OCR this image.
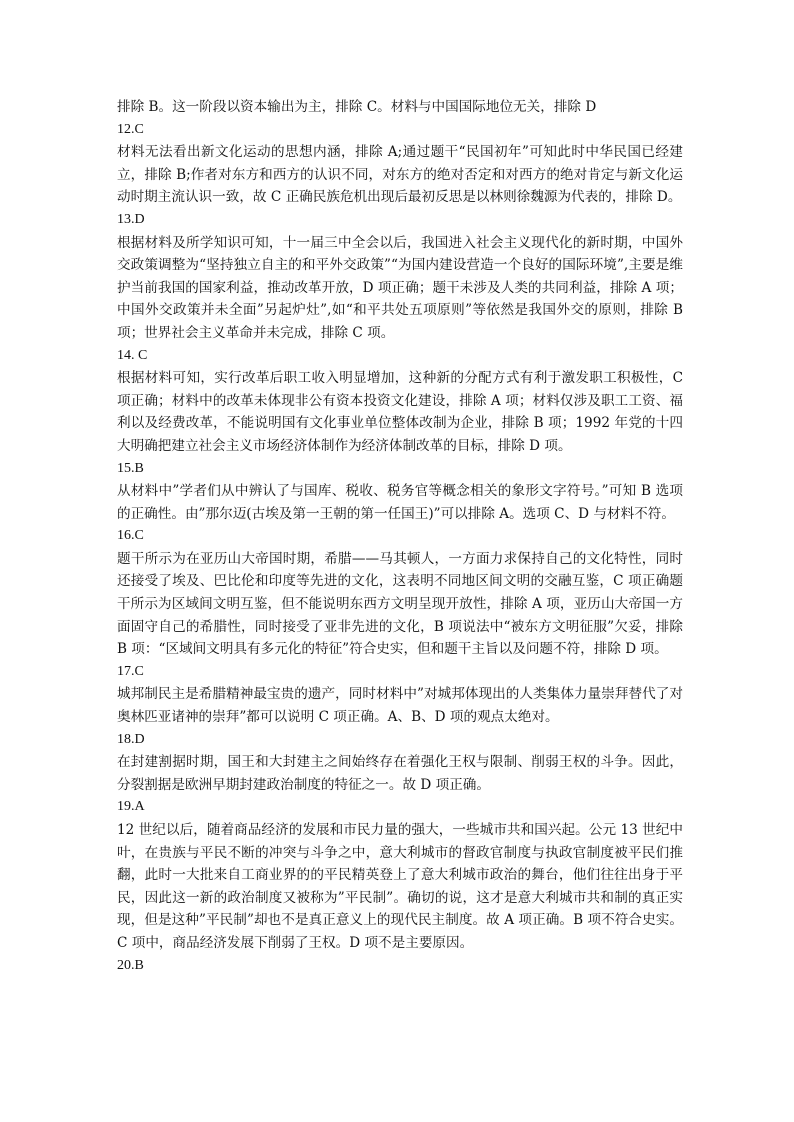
排除 B。这一阶段以资本输出为主，排除 C。材料与中国国际地位无关，排除 D

12.C

材料无法看出新文化运动的思想内涵，排除 A;通过题干“民国初年”可知此时中华民国已经建立，排除 B;作者对东方和西方的认识不同，对东方的绝对否定和对西方的绝对肯定与新文化运动时期主流认识一致，故 C 正确民族危机出现后最初反思是以林则徐魏源为代表的，排除 D。

13.D

根据材料及所学知识可知，十一届三中全会以后，我国进入社会主义现代化的新时期，中国外交政策调整为“坚持独立自主的和平外交政策”“为国内建设营造一个良好的国际环境”,主要是维护当前我国的国家利益，推动改革开放，D 项正确；题干未涉及人类的共同利益，排除 A 项；中国外交政策并未全面”另起炉灶”,如“和平共处五项原则”等依然是我国外交的原则，排除 B 项；世界社会主义革命并未完成，排除 C 项。

14. C

根据材料可知，实行改革后职工收入明显增加，这种新的分配方式有利于激发职工积极性，C 项正确；材料中的改革未体现非公有资本投资文化建设，排除 A 项；材料仅涉及职工工资、福利以及经费改革，不能说明国有文化事业单位整体改制为企业，排除 B 项；1992 年党的十四大明确把建立社会主义市场经济体制作为经济体制改革的目标，排除 D 项。

15.B

从材料中”学者们从中辨认了与国库、税收、税务官等概念相关的象形文字符号。”可知 B 选项的正确性。由”那尔迈(古埃及第一王朝的第一任国王)”可以排除 A。选项 C、D 与材料不符。

16.C

题干所示为在亚历山大帝国时期，希腊——马其顿人，一方面力求保持自己的文化特性，同时还接受了埃及、巴比伦和印度等先进的文化，这表明不同地区间文明的交融互鉴，C 项正确题干所示为区域间文明互鉴，但不能说明东西方文明呈现开放性，排除 A 项，亚历山大帝国一方面固守自己的希腊性，同时接受了亚非先进的文化，B 项说法中“被东方文明征服”欠妥，排除 B 项：“区域间文明具有多元化的特征”符合史实，但和题干主旨以及问题不符，排除 D 项。

17.C

城邦制民主是希腊精神最宝贵的遗产，同时材料中”对城邦体现出的人类集体力量崇拜替代了对奥林匹亚诸神的崇拜”都可以说明 C 项正确。A、B、D 项的观点太绝对。

18.D

在封建割据时期，国王和大封建主之间始终存在着强化王权与限制、削弱王权的斗争。因此，分裂割据是欧洲早期封建政治制度的特征之一。故 D 项正确。

19.A

12 世纪以后，随着商品经济的发展和市民力量的强大，一些城市共和国兴起。公元 13 世纪中叶，在贵族与平民不断的冲突与斗争之中，意大利城市的督政官制度与执政官制度被平民们推翻，此时一大批来自工商业界的的平民精英登上了意大利城市政治的舞台，他们往往出身于平民，因此这一新的政治制度又被称为”平民制”。确切的说，这才是意大利城市共和制的真正实现，但是这种”平民制”却也不是真正意义上的现代民主制度。故 A 项正确。B 项不符合史实。C 项中，商品经济发展下削弱了王权。D 项不是主要原因。

20.B
